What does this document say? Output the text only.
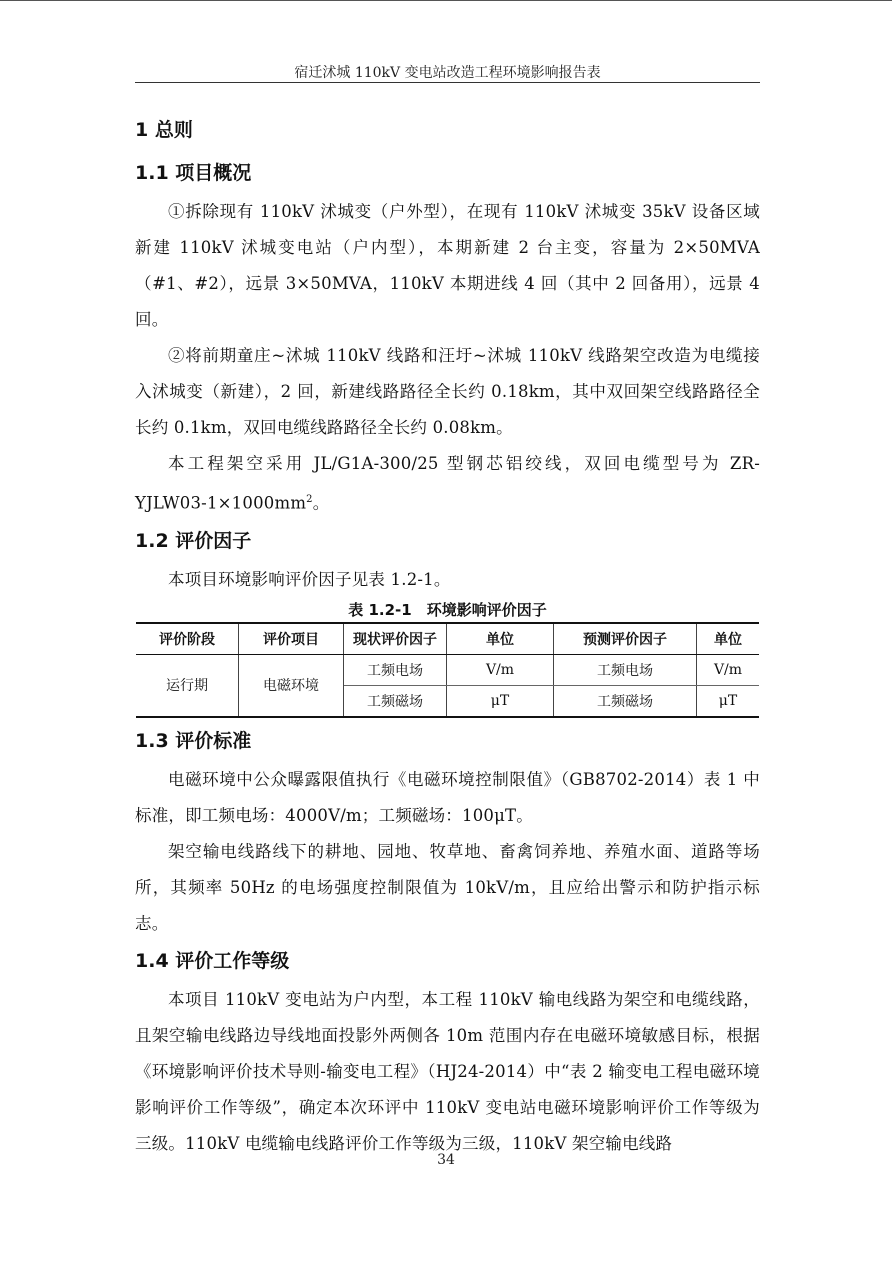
宿迁沭城 110kV 变电站改造工程环境影响报告表
1 总则
1.1 项目概况

①拆除现有 110kV 沭城变（户外型），在现有 110kV 沭城变 35kV 设备区域新建 110kV 沭城变电站（户内型），本期新建 2 台主变，容量为 2×50MVA（#1、#2），远景 3×50MVA，110kV 本期进线 4 回（其中 2 回备用），远景 4 回。

②将前期童庄~沭城 110kV 线路和汪圩~沭城 110kV 线路架空改造为电缆接入沭城变（新建），2 回，新建线路路径全长约 0.18km，其中双回架空线路路径全长约 0.1km，双回电缆线路路径全长约 0.08km。

本工程架空采用 JL/G1A-300/25 型钢芯铝绞线，双回电缆型号为 $ZR-YJLW03-1\times 1000mm^2$。

1.2 评价因子

本项目环境影响评价因子见表 1.2-1。

表 1.2-1　环境影响评价因子
评价阶段	评价项目	现状评价因子	单位	预测评价因子	单位
运行期	电磁环境	工频电场	V/m	工频电场	V/m
		工频磁场	μT	工频磁场	μT
1.3 评价标准

电磁环境中公众曝露限值执行《电磁环境控制限值》（GB8702-2014）表 1 中标准，即工频电场：4000V/m；工频磁场：100μT。

架空输电线路线下的耕地、园地、牧草地、畜禽饲养地、养殖水面、道路等场所，其频率 50Hz 的电场强度控制限值为 10kV/m，且应给出警示和防护指示标志。

1.4 评价工作等级

本项目 110kV 变电站为户内型，本工程 110kV 输电线路为架空和电缆线路，且架空输电线路边导线地面投影外两侧各 10m 范围内存在电磁环境敏感目标，根据《环境影响评价技术导则-输变电工程》（HJ24-2014）中“表 2 输变电工程电磁环境影响评价工作等级”，确定本次环评中 110kV 变电站电磁环境影响评价工作等级为三级。110kV 电缆输电线路评价工作等级为三级，110kV 架空输电线路

34
